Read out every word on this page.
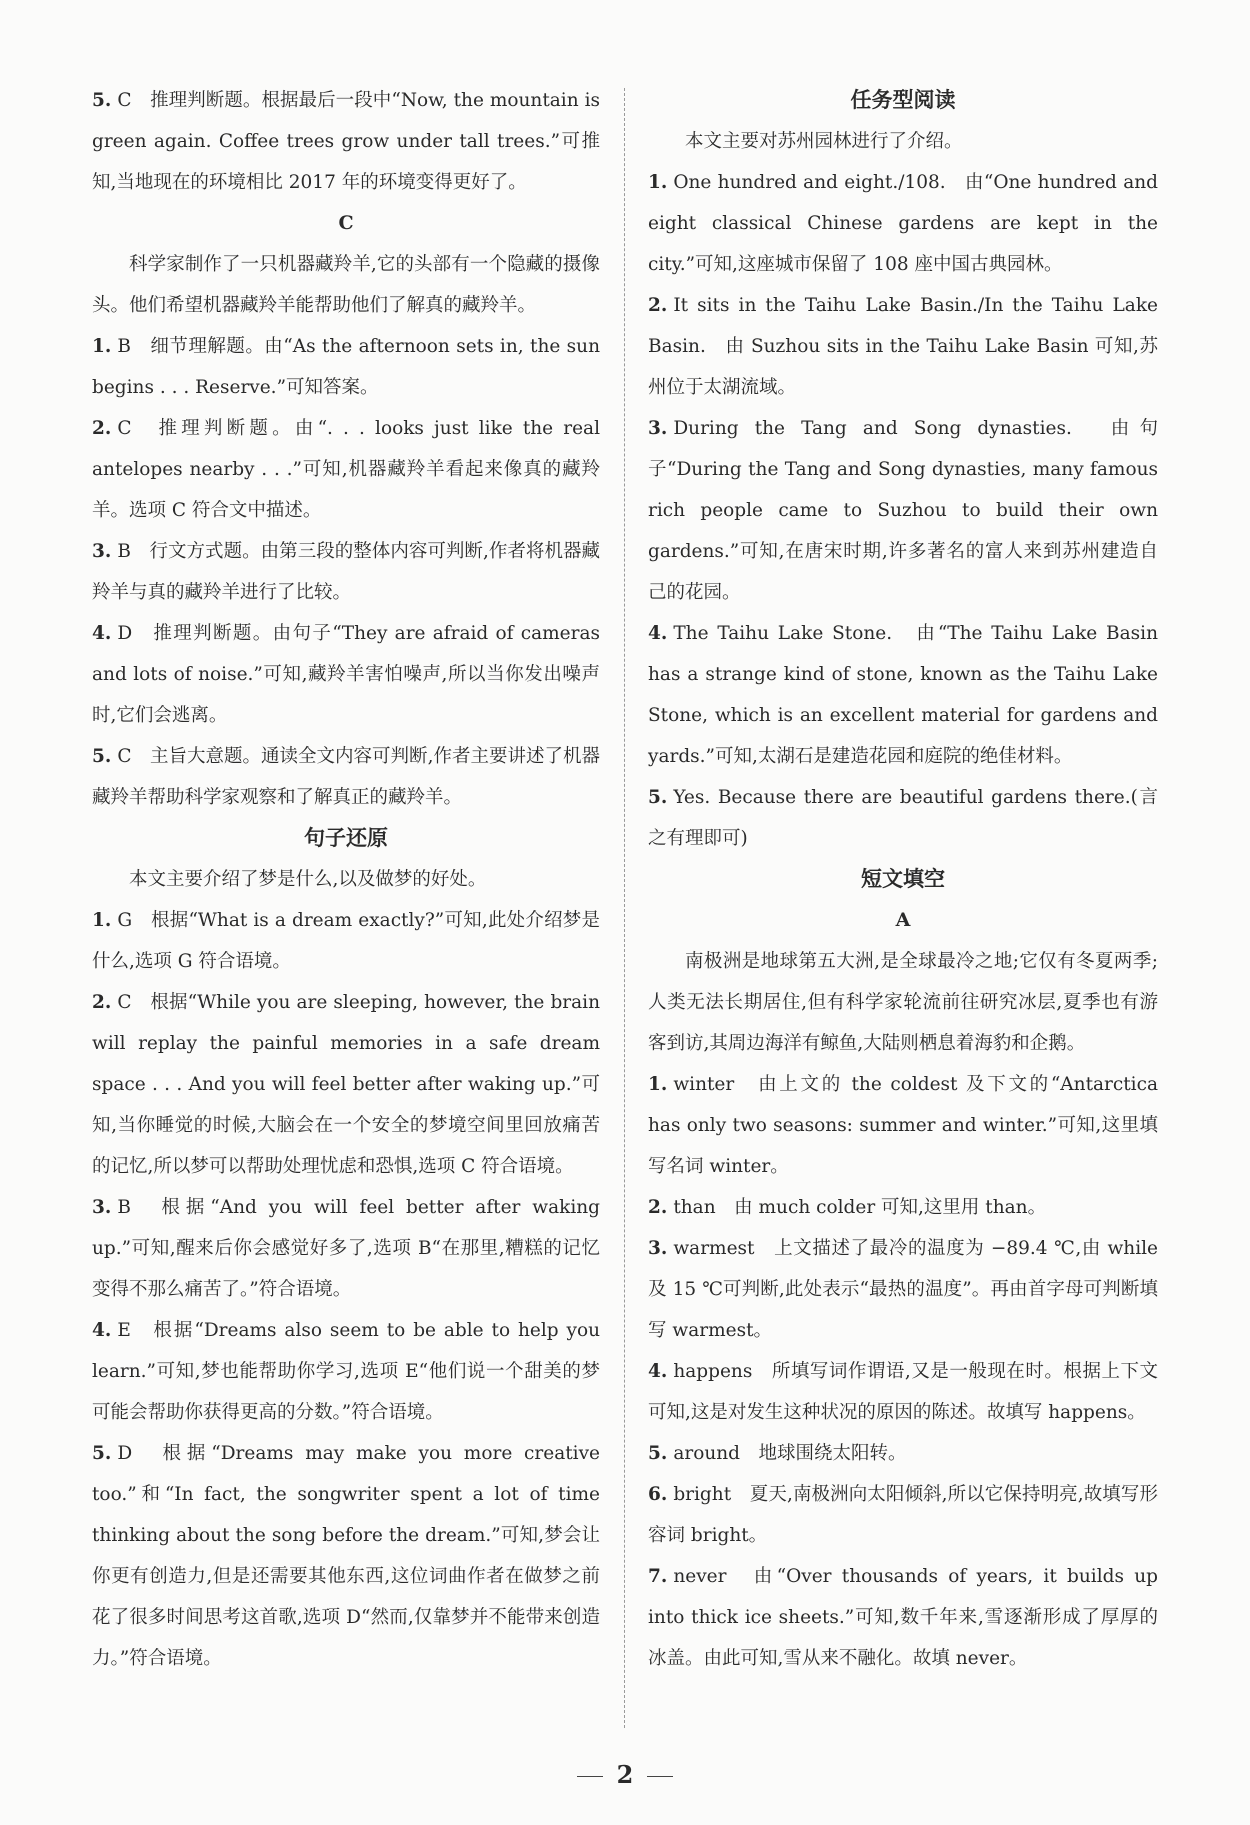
5. C　推理判断题。根据最后一段中“Now, the mountain is green again. Coffee trees grow under tall trees.”可推知,当地现在的环境相比 2017 年的环境变得更好了。
C
科学家制作了一只机器藏羚羊,它的头部有一个隐藏的摄像头。他们希望机器藏羚羊能帮助他们了解真的藏羚羊。
1. B　细节理解题。由“As the afternoon sets in, the sun begins . . . Reserve.”可知答案。
2. C　推理判断题。由“. . . looks just like the real antelopes nearby . . .”可知,机器藏羚羊看起来像真的藏羚羊。选项 C 符合文中描述。
3. B　行文方式题。由第三段的整体内容可判断,作者将机器藏羚羊与真的藏羚羊进行了比较。
4. D　推理判断题。由句子“They are afraid of cameras and lots of noise.”可知,藏羚羊害怕噪声,所以当你发出噪声时,它们会逃离。
5. C　主旨大意题。通读全文内容可判断,作者主要讲述了机器藏羚羊帮助科学家观察和了解真正的藏羚羊。
句子还原
本文主要介绍了梦是什么,以及做梦的好处。
1. G　根据“What is a dream exactly?”可知,此处介绍梦是什么,选项 G 符合语境。
2. C　根据“While you are sleeping, however, the brain will replay the painful memories in a safe dream space . . . And you will feel better after waking up.”可知,当你睡觉的时候,大脑会在一个安全的梦境空间里回放痛苦的记忆,所以梦可以帮助处理忧虑和恐惧,选项 C 符合语境。
3. B　根据“And you will feel better after waking up.”可知,醒来后你会感觉好多了,选项 B“在那里,糟糕的记忆变得不那么痛苦了。”符合语境。
4. E　根据“Dreams also seem to be able to help you learn.”可知,梦也能帮助你学习,选项 E“他们说一个甜美的梦可能会帮助你获得更高的分数。”符合语境。
5. D　根据“Dreams may make you more creative too.”和“In fact, the songwriter spent a lot of time thinking about the song before the dream.”可知,梦会让你更有创造力,但是还需要其他东西,这位词曲作者在做梦之前花了很多时间思考这首歌,选项 D“然而,仅靠梦并不能带来创造力。”符合语境。
任务型阅读
本文主要对苏州园林进行了介绍。
1. One hundred and eight./108.　由“One hundred and eight classical Chinese gardens are kept in the city.”可知,这座城市保留了 108 座中国古典园林。
2. It sits in the Taihu Lake Basin./In the Taihu Lake Basin.　由 Suzhou sits in the Taihu Lake Basin 可知,苏州位于太湖流域。
3. During the Tang and Song dynasties.　由句子“During the Tang and Song dynasties, many famous rich people came to Suzhou to build their own gardens.”可知,在唐宋时期,许多著名的富人来到苏州建造自己的花园。
4. The Taihu Lake Stone.　由“The Taihu Lake Basin has a strange kind of stone, known as the Taihu Lake Stone, which is an excellent material for gardens and yards.”可知,太湖石是建造花园和庭院的绝佳材料。
5. Yes. Because there are beautiful gardens there.(言之有理即可)
短文填空
A
南极洲是地球第五大洲,是全球最冷之地;它仅有冬夏两季;人类无法长期居住,但有科学家轮流前往研究冰层,夏季也有游客到访,其周边海洋有鲸鱼,大陆则栖息着海豹和企鹅。
1. winter　由上文的 the coldest 及下文的“Antarctica has only two seasons: summer and winter.”可知,这里填写名词 winter。
2. than　由 much colder 可知,这里用 than。
3. warmest　上文描述了最冷的温度为 −89.4 ℃,由 while 及 15 ℃可判断,此处表示“最热的温度”。再由首字母可判断填写 warmest。
4. happens　所填写词作谓语,又是一般现在时。根据上下文可知,这是对发生这种状况的原因的陈述。故填写 happens。
5. around　地球围绕太阳转。
6. bright　夏天,南极洲向太阳倾斜,所以它保持明亮,故填写形容词 bright。
7. never　由“Over thousands of years, it builds up into thick ice sheets.”可知,数千年来,雪逐渐形成了厚厚的冰盖。由此可知,雪从来不融化。故填 never。
2
